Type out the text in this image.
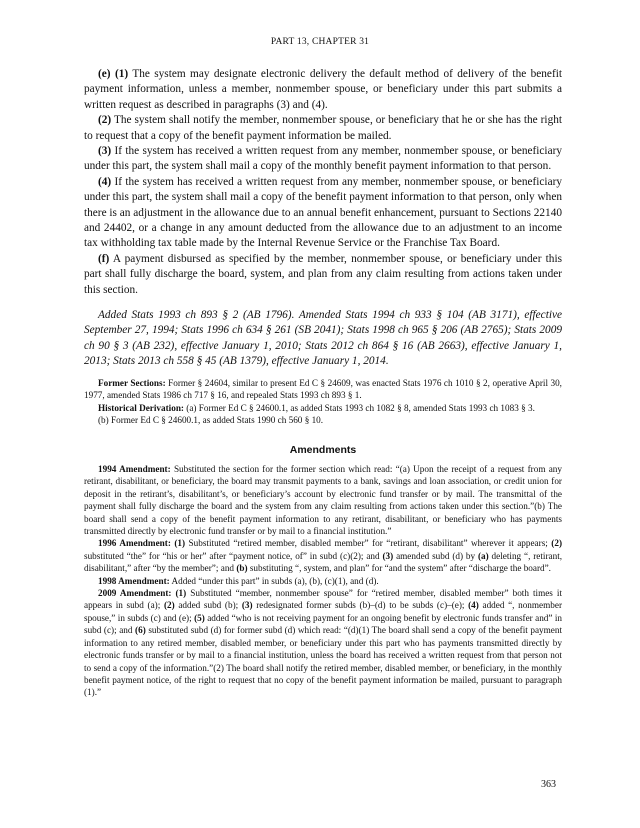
PART 13, CHAPTER 31

(e) (1) The system may designate electronic delivery the default method of delivery of the benefit payment information, unless a member, nonmember spouse, or beneficiary under this part submits a written request as described in paragraphs (3) and (4).

(2) The system shall notify the member, nonmember spouse, or beneficiary that he or she has the right to request that a copy of the benefit payment information be mailed.

(3) If the system has received a written request from any member, nonmember spouse, or beneficiary under this part, the system shall mail a copy of the monthly benefit payment information to that person.

(4) If the system has received a written request from any member, nonmember spouse, or beneficiary under this part, the system shall mail a copy of the benefit payment information to that person, only when there is an adjustment in the allowance due to an annual benefit enhancement, pursuant to Sections 22140 and 24402, or a change in any amount deducted from the allowance due to an adjustment to an income tax withholding tax table made by the Internal Revenue Service or the Franchise Tax Board.

(f) A payment disbursed as specified by the member, nonmember spouse, or beneficiary under this part shall fully discharge the board, system, and plan from any claim resulting from actions taken under this section.

Added Stats 1993 ch 893 § 2 (AB 1796). Amended Stats 1994 ch 933 § 104 (AB 3171), effective September 27, 1994; Stats 1996 ch 634 § 261 (SB 2041); Stats 1998 ch 965 § 206 (AB 2765); Stats 2009 ch 90 § 3 (AB 232), effective January 1, 2010; Stats 2012 ch 864 § 16 (AB 2663), effective January 1, 2013; Stats 2013 ch 558 § 45 (AB 1379), effective January 1, 2014.

Former Sections: Former § 24604, similar to present Ed C § 24609, was enacted Stats 1976 ch 1010 § 2, operative April 30, 1977, amended Stats 1986 ch 717 § 16, and repealed Stats 1993 ch 893 § 1.

Historical Derivation: (a) Former Ed C § 24600.1, as added Stats 1993 ch 1082 § 8, amended Stats 1993 ch 1083 § 3.

(b) Former Ed C § 24600.1, as added Stats 1990 ch 560 § 10.

Amendments

1994 Amendment: Substituted the section for the former section which read: “(a) Upon the receipt of a request from any retirant, disabilitant, or beneficiary, the board may transmit payments to a bank, savings and loan association, or credit union for deposit in the retirant’s, disabilitant’s, or beneficiary’s account by electronic fund transfer or by mail. The transmittal of the payment shall fully discharge the board and the system from any claim resulting from actions taken under this section.”(b) The board shall send a copy of the benefit payment information to any retirant, disabilitant, or beneficiary who has payments transmitted directly by electronic fund transfer or by mail to a financial institution.”

1996 Amendment: (1) Substituted “retired member, disabled member” for “retirant, disabilitant” wherever it appears; (2) substituted “the” for “his or her” after “payment notice, of” in subd (c)(2); and (3) amended subd (d) by (a) deleting “, retirant, disabilitant,” after “by the member”; and (b) substituting “, system, and plan” for “and the system” after “discharge the board”.

1998 Amendment: Added “under this part” in subds (a), (b), (c)(1), and (d).

2009 Amendment: (1) Substituted “member, nonmember spouse” for “retired member, disabled member” both times it appears in subd (a); (2) added subd (b); (3) redesignated former subds (b)–(d) to be subds (c)–(e); (4) added “, nonmember spouse,” in subds (c) and (e); (5) added “who is not receiving payment for an ongoing benefit by electronic funds transfer and” in subd (c); and (6) substituted subd (d) for former subd (d) which read: “(d)(1) The board shall send a copy of the benefit payment information to any retired member, disabled member, or beneficiary under this part who has payments transmitted directly by electronic funds transfer or by mail to a financial institution, unless the board has received a written request from that person not to send a copy of the information.”(2) The board shall notify the retired member, disabled member, or beneficiary, in the monthly benefit payment notice, of the right to request that no copy of the benefit payment information be mailed, pursuant to paragraph (1).”

363
